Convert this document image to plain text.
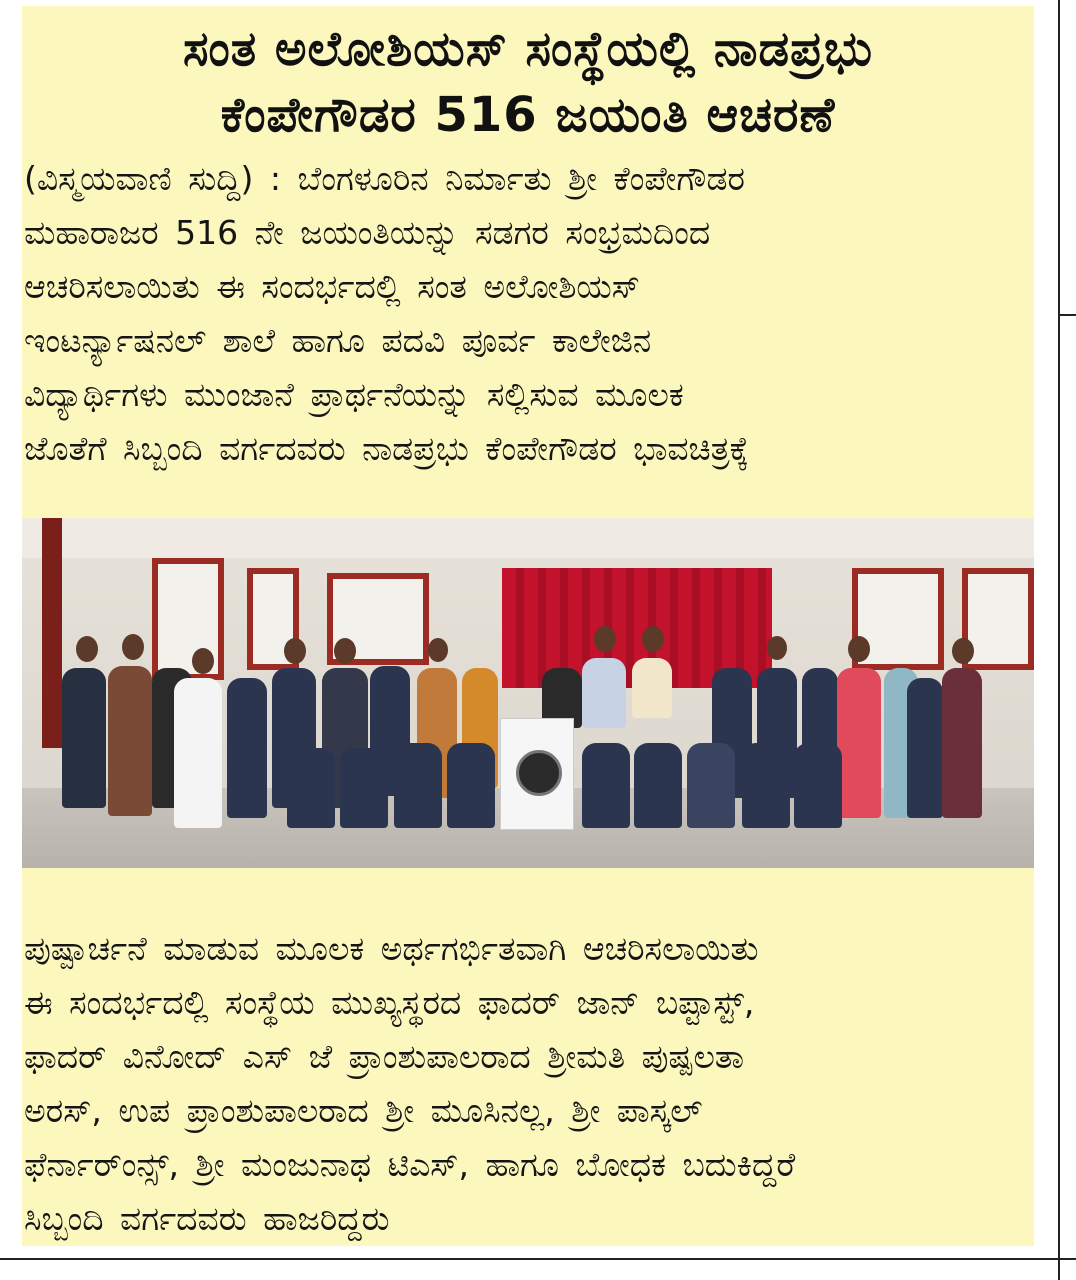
ಸಂತ ಅಲೋಶಿಯಸ್ ಸಂಸ್ಥೆಯಲ್ಲಿ ನಾಡಪ್ರಭು
ಕೆಂಪೇಗೌಡರ 516 ಜಯಂತಿ ಆಚರಣೆ

(ವಿಸ್ಮಯವಾಣಿ ಸುದ್ದಿ) : ಬೆಂಗಳೂರಿನ ನಿರ್ಮಾತು ಶ್ರೀ ಕೆಂಪೇಗೌಡರ

ಮಹಾರಾಜರ 516 ನೇ ಜಯಂತಿಯನ್ನು ಸಡಗರ ಸಂಭ್ರಮದಿಂದ

ಆಚರಿಸಲಾಯಿತು ಈ ಸಂದರ್ಭದಲ್ಲಿ ಸಂತ ಅಲೋಶಿಯಸ್

ಇಂಟರ್ನ್ಯಾಷನಲ್ ಶಾಲೆ ಹಾಗೂ ಪದವಿ ಪೂರ್ವ ಕಾಲೇಜಿನ

ವಿದ್ಯಾರ್ಥಿಗಳು ಮುಂಜಾನೆ ಪ್ರಾರ್ಥನೆಯನ್ನು ಸಲ್ಲಿಸುವ ಮೂಲಕ

ಜೊತೆಗೆ ಸಿಬ್ಬಂದಿ ವರ್ಗದವರು ನಾಡಪ್ರಭು ಕೆಂಪೇಗೌಡರ ಭಾವಚಿತ್ರಕ್ಕೆ

ಪುಷ್ಪಾರ್ಚನೆ ಮಾಡುವ ಮೂಲಕ ಅರ್ಥಗರ್ಭಿತವಾಗಿ ಆಚರಿಸಲಾಯಿತು

ಈ ಸಂದರ್ಭದಲ್ಲಿ ಸಂಸ್ಥೆಯ ಮುಖ್ಯಸ್ಥರದ ಫಾದರ್ ಜಾನ್ ಬಪ್ಟಾಸ್ಟ್,

ಫಾದರ್ ವಿನೋದ್ ಎಸ್ ಜೆ ಪ್ರಾಂಶುಪಾಲರಾದ ಶ್ರೀಮತಿ ಪುಷ್ಪಲತಾ

ಅರಸ್, ಉಪ ಪ್ರಾಂಶುಪಾಲರಾದ ಶ್ರೀ ಮೂಸಿನಲ್ಲ, ಶ್ರೀ ಪಾಸ್ಕಲ್

ಫೆರ್ನಾರ್ಂನ್ಸ್, ಶ್ರೀ ಮಂಜುನಾಥ ಟಿಎಸ್, ಹಾಗೂ ಬೋಧಕ ಬದುಕಿದ್ದರೆ

ಸಿಬ್ಬಂದಿ ವರ್ಗದವರು ಹಾಜರಿದ್ದರು
